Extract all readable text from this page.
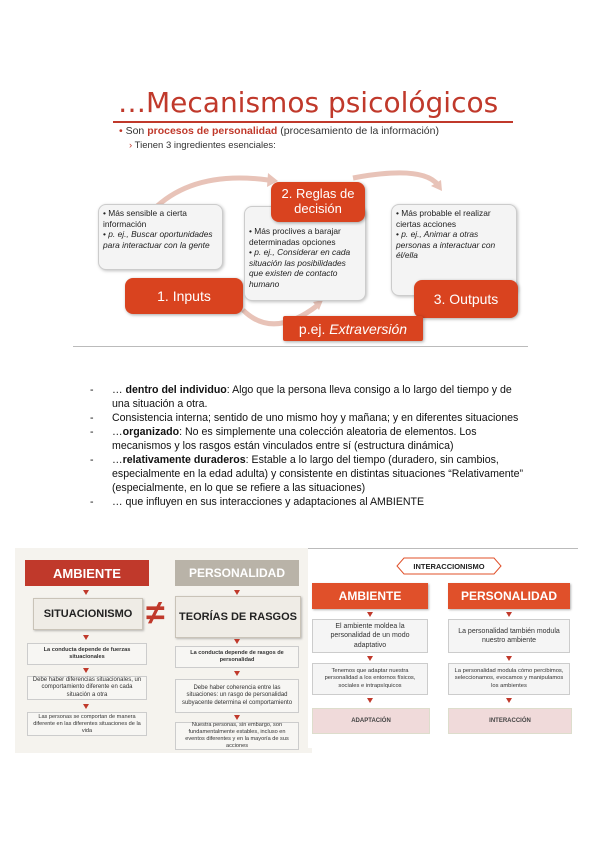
…Mecanismos psicológicos
• Son procesos de personalidad (procesamiento de la información)
› Tienen 3 ingredientes esenciales:
• Más sensible a cierta información
• p. ej., Buscar oportunidades para interactuar con la gente
1. Inputs
• Más proclives a barajar determinadas opciones
• p. ej., Considerar en cada situación las posibilidades que existen de contacto humano
2. Reglas de decisión	• Más probable el realizar ciertas acciones
• p. ej., Animar a otras personas a interactuar con él/ella
3. Outputs
p.ej.
Extraversión
- … dentro del individuo: Algo que la persona lleva consigo a lo largo del tiempo y de una situación a otra.
- Consistencia interna; sentido de uno mismo hoy y mañana; y en diferentes situaciones
- …organizado: No es simplemente una colección aleatoria de elementos. Los mecanismos y los rasgos están vinculados entre sí (estructura dinámica)
- …relativamente duraderos: Estable a lo largo del tiempo (duradero, sin cambios, especialmente en la edad adulta) y consistente en distintas situaciones “Relativamente” (especialmente, en lo que se refiere a las situaciones)
- … que influyen en sus interacciones y adaptaciones al AMBIENTE
AMBIENTE	PERSONALIDAD
SITUACIONISMO ≠	TEORÍAS DE RASGOS
La conducta depende de fuerzas situacionales
La conducta depende de rasgos de personalidad
Debe haber diferencias situacionales, un comportamiento diferente en cada situación a otra
Debe haber coherencia entre las situaciones: un rasgo de personalidad subyacente determina el comportamiento
Las personas se comportan de manera diferente en las diferentes situaciones de la vida
Nuestra personas, sin embargo, son fundamentalmente estables, incluso en eventos diferentes y en la mayoría de sus acciones
INTERACCIONISMO
AMBIENTE	PERSONALIDAD
El ambiente moldea la personalidad de un modo adaptativo
La personalidad también modula nuestro ambiente
Tenemos que adaptar nuestra personalidad a los entornos físicos, sociales e intrapsíquicos
La personalidad modula cómo percibimos, seleccionamos, evocamos y manipulamos los ambientes
ADAPTACIÓN	INTERACCIÓN
